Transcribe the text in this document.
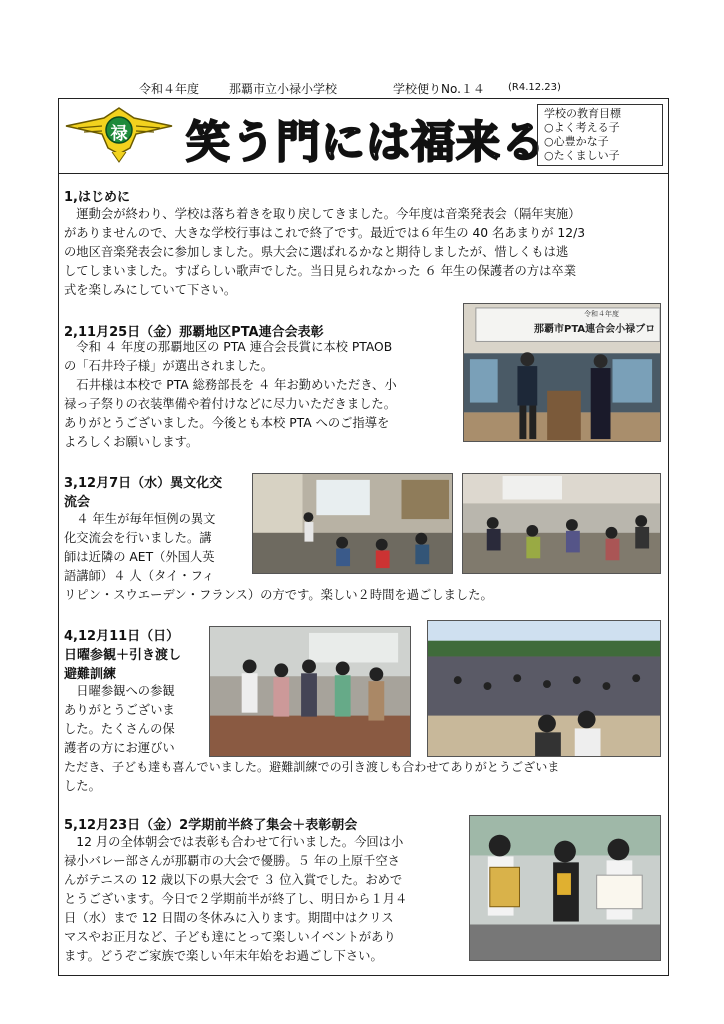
令和４年度 那覇市立小禄小学校	学校便りNo.１４ (R4.12.23)
禄 笑う門には福来る
学校の教育目標
○よく考える子
○心豊かな子
○たくましい子
1,はじめに
　運動会が終わり、学校は落ち着きを取り戻してきました。今年度は音楽発表会（隔年実施）
がありませんので、大きな学校行事はこれで終了です。最近では６年生の 40 名あまりが 12/3
の地区音楽発表会に参加しました。県大会に選ばれるかなと期待しましたが、惜しくもは逃
してしまいました。すばらしい歌声でした。当日見られなかった ６ 年生の保護者の方は卒業
式を楽しみにしていて下さい。
2,11月25日（金）那覇地区PTA連合会表彰
　令和 ４ 年度の那覇地区の PTA 連合会長賞に本校 PTAOB
の「石井玲子様」が選出されました。
　石井様は本校で PTA 総務部長を ４ 年お勤めいただき、小
禄っ子祭りの衣装準備や着付けなどに尽力いただきました。
ありがとうございました。今後とも本校 PTA へのご指導を
よろしくお願いします。
令和４年度
那覇市PTA連合会小禄ブロ
3,12月7日（水）異文化交
流会
　４ 年生が毎年恒例の異文
化交流会を行いました。講
師は近隣の AET（外国人英
語講師）４ 人（タイ・フィ
リピン・スウエーデン・フランス）の方です。楽しい２時間を過ごしました。
4,12月11日（日）
日曜参観＋引き渡し
避難訓練
　日曜参観への参観
ありがとうございま
した。たくさんの保
護者の方にお運びい
ただき、子ども達も喜んでいました。避難訓練での引き渡しも合わせてありがとうございま
した。
5,12月23日（金）2学期前半終了集会＋表彰朝会
　12 月の全体朝会では表彰も合わせて行いました。今回は小
禄小バレー部さんが那覇市の大会で優勝。５ 年の上原千空さ
んがテニスの 12 歳以下の県大会で ３ 位入賞でした。おめで
とうございます。今日で２学期前半が終了し、明日から１月４
日（水）まで 12 日間の冬休みに入ります。期間中はクリス
マスやお正月など、子ども達にとって楽しいイベントがあり
ます。どうぞご家族で楽しい年末年始をお過ごし下さい。
